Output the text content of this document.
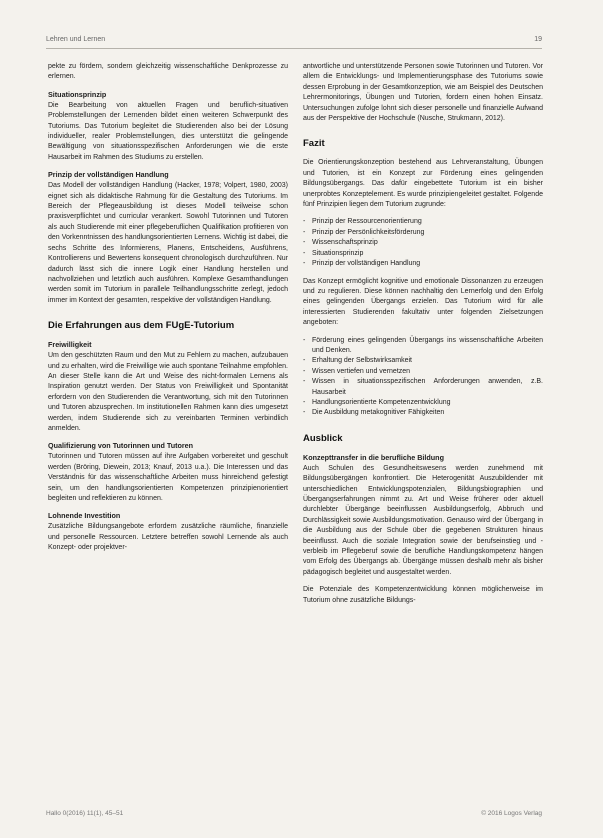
Lehren und Lernen	19

pekte zu fördern, sondern gleichzeitig wissenschaftliche Denkprozesse zu erlernen.

Situationsprinzip

Die Bearbeitung von aktuellen Fragen und beruflich-situativen Problemstellungen der Lernenden bildet einen weiteren Schwerpunkt des Tutoriums. Das Tutorium begleitet die Studierenden also bei der Lösung individueller, realer Problemstellungen, dies unterstützt die gelingende Bewältigung von situationsspezifischen Anforderungen wie die erste Hausarbeit im Rahmen des Studiums zu erstellen.

Prinzip der vollständigen Handlung

Das Modell der vollständigen Handlung (Hacker, 1978; Volpert, 1980, 2003) eignet sich als didaktische Rahmung für die Gestaltung des Tutoriums. Im Bereich der Pflegeausbildung ist dieses Modell teilweise schon praxisverpflichtet und curricular verankert. Sowohl Tutorinnen und Tutoren als auch Studierende mit einer pflegeberuflichen Qualifikation profitieren von den Vorkenntnissen des handlungsorientierten Lernens. Wichtig ist dabei, die sechs Schritte des Informierens, Planens, Entscheidens, Ausführens, Kontrollierens und Bewertens konsequent chronologisch durchzuführen. Nur dadurch lässt sich die innere Logik einer Handlung herstellen und nachvollziehen und letztlich auch ausführen. Komplexe Gesamthandlungen werden somit im Tutorium in parallele Teilhandlungsschritte zerlegt, jedoch immer im Kontext der gesamten, respektive der vollständigen Handlung.

Die Erfahrungen aus dem FUgE-Tutorium
Freiwilligkeit

Um den geschützten Raum und den Mut zu Fehlern zu machen, aufzubauen und zu erhalten, wird die Freiwillige wie auch spontane Teilnahme empfohlen. An dieser Stelle kann die Art und Weise des nicht-formalen Lernens als Inspiration genutzt werden. Der Status von Freiwilligkeit und Spontanität erfordern von den Studierenden die Verantwortung, sich mit den Tutorinnen und Tutoren abzusprechen. Im institutionellen Rahmen kann dies umgesetzt werden, indem Studierende sich zu vereinbarten Terminen verbindlich anmelden.

Qualifizierung von Tutorinnen und Tutoren

Tutorinnen und Tutoren müssen auf ihre Aufgaben vorbereitet und geschult werden (Bröring, Diewein, 2013; Knauf, 2013 u.a.). Die Interessen und das Verständnis für das wissenschaftliche Arbeiten muss hinreichend gefestigt sein, um den handlungsorientierten Kompetenzen prinzipienorientiert begleiten und reflektieren zu können.

Lohnende Investition

Zusätzliche Bildungsangebote erfordern zusätzliche räumliche, finanzielle und personelle Ressourcen. Letztere betreffen sowohl Lernende als auch Konzept- oder projektver-

antwortliche und unterstützende Personen sowie Tutorinnen und Tutoren. Vor allem die Entwicklungs- und Implementierungsphase des Tutoriums sowie dessen Erprobung in der Gesamtkonzeption, wie am Beispiel des Deutschen Lehrermonitorings, Übungen und Tutorien, fordern einen hohen Einsatz. Untersuchungen zufolge lohnt sich dieser personelle und finanzielle Aufwand aus der Perspektive der Hochschule (Nusche, Strukmann, 2012).

Fazit

Die Orientierungskonzeption bestehend aus Lehrveranstaltung, Übungen und Tutorien, ist ein Konzept zur Förderung eines gelingenden Bildungsübergangs. Das dafür eingebettete Tutorium ist ein bisher unerprobtes Konzeptelement. Es wurde prinzipiengeleitet gestaltet. Folgende fünf Prinzipien liegen dem Tutorium zugrunde:

- Prinzip der Ressourcenorientierung
- Prinzip der Persönlichkeitsförderung
- Wissenschaftsprinzip
- Situationsprinzip
- Prinzip der vollständigen Handlung

Das Konzept ermöglicht kognitive und emotionale Dissonanzen zu erzeugen und zu regulieren. Diese können nachhaltig den Lernerfolg und den Erfolg eines gelingenden Übergangs erzielen. Das Tutorium wird für alle interessierten Studierenden fakultativ unter folgenden Zielsetzungen angeboten:

- Förderung eines gelingenden Übergangs ins wissenschaftliche Arbeiten und Denken.
- Erhaltung der Selbstwirksamkeit
- Wissen vertiefen und vernetzen
- Wissen in situationsspezifischen Anforderungen anwenden, z.B. Hausarbeit
- Handlungsorientierte Kompetenzentwicklung
- Die Ausbildung metakognitiver Fähigkeiten
Ausblick
Konzepttransfer in die berufliche Bildung

Auch Schulen des Gesundheitswesens werden zunehmend mit Bildungsübergängen konfrontiert. Die Heterogenität Auszubildender mit unterschiedlichen Entwicklungspotenzialen, Bildungsbiographien und Übergangserfahrungen nimmt zu. Art und Weise früherer oder aktuell durchlebter Übergänge beeinflussen Ausbildungserfolg, Abbruch und Durchlässigkeit sowie Ausbildungsmotivation. Genauso wird der Übergang in die Ausbildung aus der Schule über die gegebenen Strukturen hinaus beeinflusst. Auch die soziale Integration sowie der berufseinstieg und -verbleib im Pflegeberuf sowie die berufliche Handlungskompetenz hängen vom Erfolg des Übergangs ab. Übergänge müssen deshalb mehr als bisher pädagogisch begleitet und ausgestaltet werden.

Die Potenziale des Kompetenzentwicklung können möglicherweise im Tutorium ohne zusätzliche Bildungs-

Hallo 0(2016) 11(1), 45–51	© 2016 Logos Verlag
